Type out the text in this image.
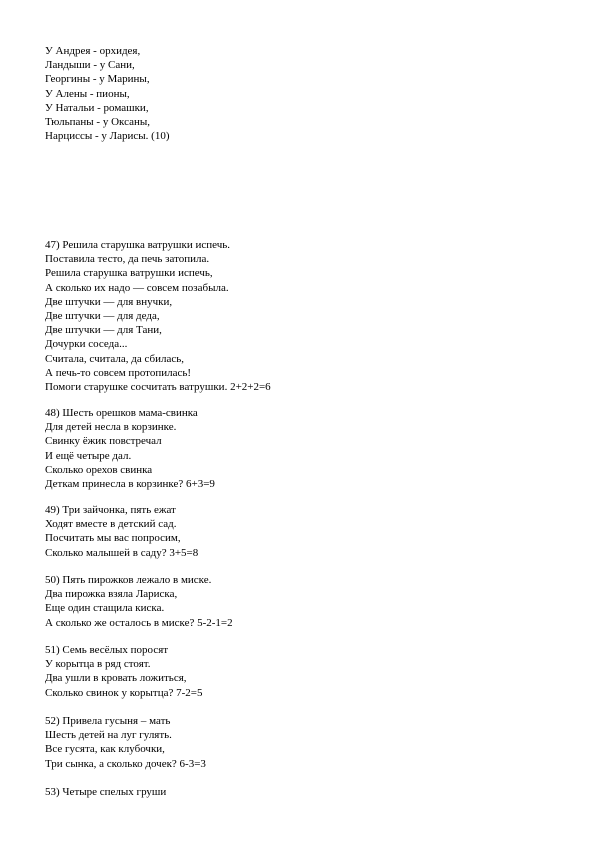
У Андрея - орхидея,
Ландыши - у Сани,
Георгины - у Марины,
У Алены - пионы,
У Натальи - ромашки,
Тюльпаны - у Оксаны,
Нарциссы - у Ларисы. (10)
47) Решила старушка ватрушки испечь.
Поставила тесто, да печь затопила.
Решила старушка ватрушки испечь,
А сколько их надо — совсем позабыла.
Две штучки — для внучки,
Две штучки — для деда,
Две штучки — для Тани,
Дочурки соседа...
Считала, считала, да сбилась,
А печь-то совсем протопилась!
Помоги старушке сосчитать ватрушки. 2+2+2=6
48) Шесть орешков мама-свинка
Для детей несла в корзинке.
Свинку ёжик повстречал
И ещё четыре дал.
Сколько орехов свинка
Деткам принесла в корзинке? 6+3=9
49) Три зайчонка, пять ежат
Ходят вместе в детский сад.
Посчитать мы вас попросим,
Сколько малышей в саду? 3+5=8
50) Пять пирожков лежало в миске.
Два пирожка взяла Лариска,
Еще один стащила киска.
А сколько же осталось в миске? 5-2-1=2
51) Семь весёлых поросят
У корытца в ряд стоят.
Два ушли в кровать ложиться,
Сколько свинок у корытца? 7-2=5
52) Привела гусыня – мать
Шесть детей на луг гулять.
Все гусята, как клубочки,
Три сынка, а сколько дочек? 6-3=3
53) Четыре спелых груши
